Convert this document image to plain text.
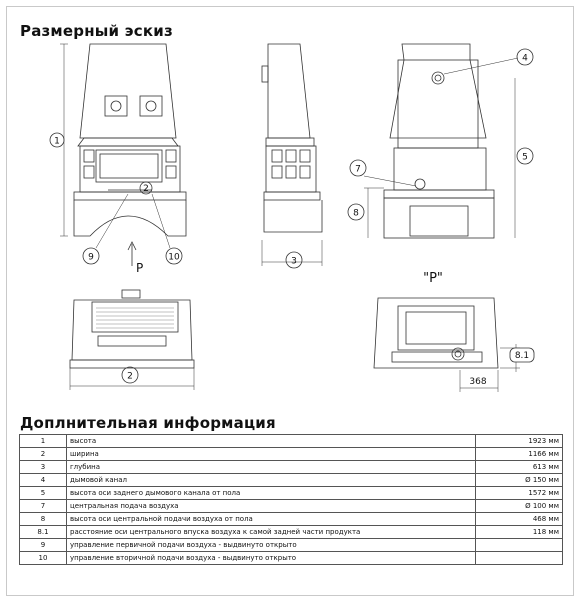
Размерный эскиз
1
2
9	10
P	3
4
5
7
8
"P"
2
368
8.1
Доплнительная информация
1	высота	1923 мм
2	ширина	1166 мм
3	глубина	613 мм
4	дымовой канал	Ø 150 мм
5	высота оси заднего дымового канала от пола	1572 мм
7	центральная подача воздуха	Ø 100 мм
8	высота оси центральной подачи воздуха от пола	468 мм
8.1	расстояние оси центрального впуска воздуха к самой задней части продукта	118 мм
9	управление первичной подачи воздуха - выдвинуто открыто	
10	управление вторичной подачи воздуха - выдвинуто открыто	
